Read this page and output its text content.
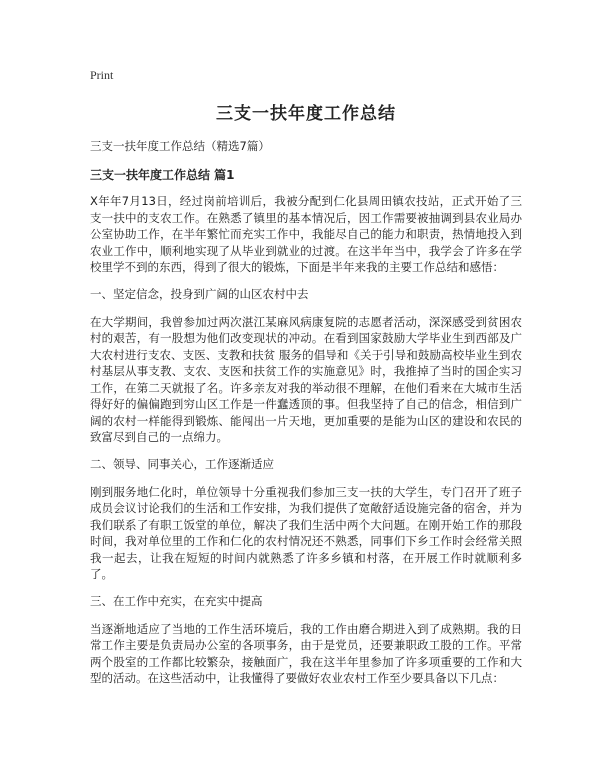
Print
三支一扶年度工作总结
三支一扶年度工作总结（精选7篇）
三支一扶年度工作总结 篇1

X年年7月13日，经过岗前培训后，我被分配到仁化县周田镇农技站，正式开始了三支一扶中的支农工作。在熟悉了镇里的基本情况后，因工作需要被抽调到县农业局办公室协助工作，在半年繁忙而充实工作中，我能尽自己的能力和职责，热情地投入到农业工作中，顺利地实现了从毕业到就业的过渡。在这半年当中，我学会了许多在学校里学不到的东西，得到了很大的锻炼，下面是半年来我的主要工作总结和感悟：

一、坚定信念，投身到广阔的山区农村中去

在大学期间，我曾参加过两次湛江某麻风病康复院的志愿者活动，深深感受到贫困农村的艰苦，有一股想为他们改变现状的冲动。在看到国家鼓励大学毕业生到西部及广大农村进行支农、支医、支教和扶贫 服务的倡导和《关于引导和鼓励高校毕业生到农村基层从事支教、支农、支医和扶贫工作的实施意见》时，我推掉了当时的国企实习工作，在第二天就报了名。许多亲友对我的举动很不理解，在他们看来在大城市生活得好好的偏偏跑到穷山区工作是一件蠢透顶的事。但我坚持了自己的信念，相信到广阔的农村一样能得到锻炼、能闯出一片天地，更加重要的是能为山区的建设和农民的致富尽到自己的一点绵力。

二、领导、同事关心，工作逐渐适应

刚到服务地仁化时，单位领导十分重视我们参加三支一扶的大学生，专门召开了班子成员会议讨论我们的生活和工作安排，为我们提供了宽敞舒适设施完备的宿舍，并为我们联系了有职工饭堂的单位，解决了我们生活中两个大问题。在刚开始工作的那段时间，我对单位里的工作和仁化的农村情况还不熟悉，同事们下乡工作时会经常关照我一起去，让我在短短的时间内就熟悉了许多乡镇和村落，在开展工作时就顺利多了。

三、在工作中充实，在充实中提高

当逐渐地适应了当地的工作生活环境后，我的工作由磨合期进入到了成熟期。我的日常工作主要是负责局办公室的各项事务，由于是党员，还要兼职政工股的工作。平常两个股室的工作都比较繁杂，接触面广，我在这半年里参加了许多项重要的工作和大型的活动。在这些活动中，让我懂得了要做好农业农村工作至少要具备以下几点：
